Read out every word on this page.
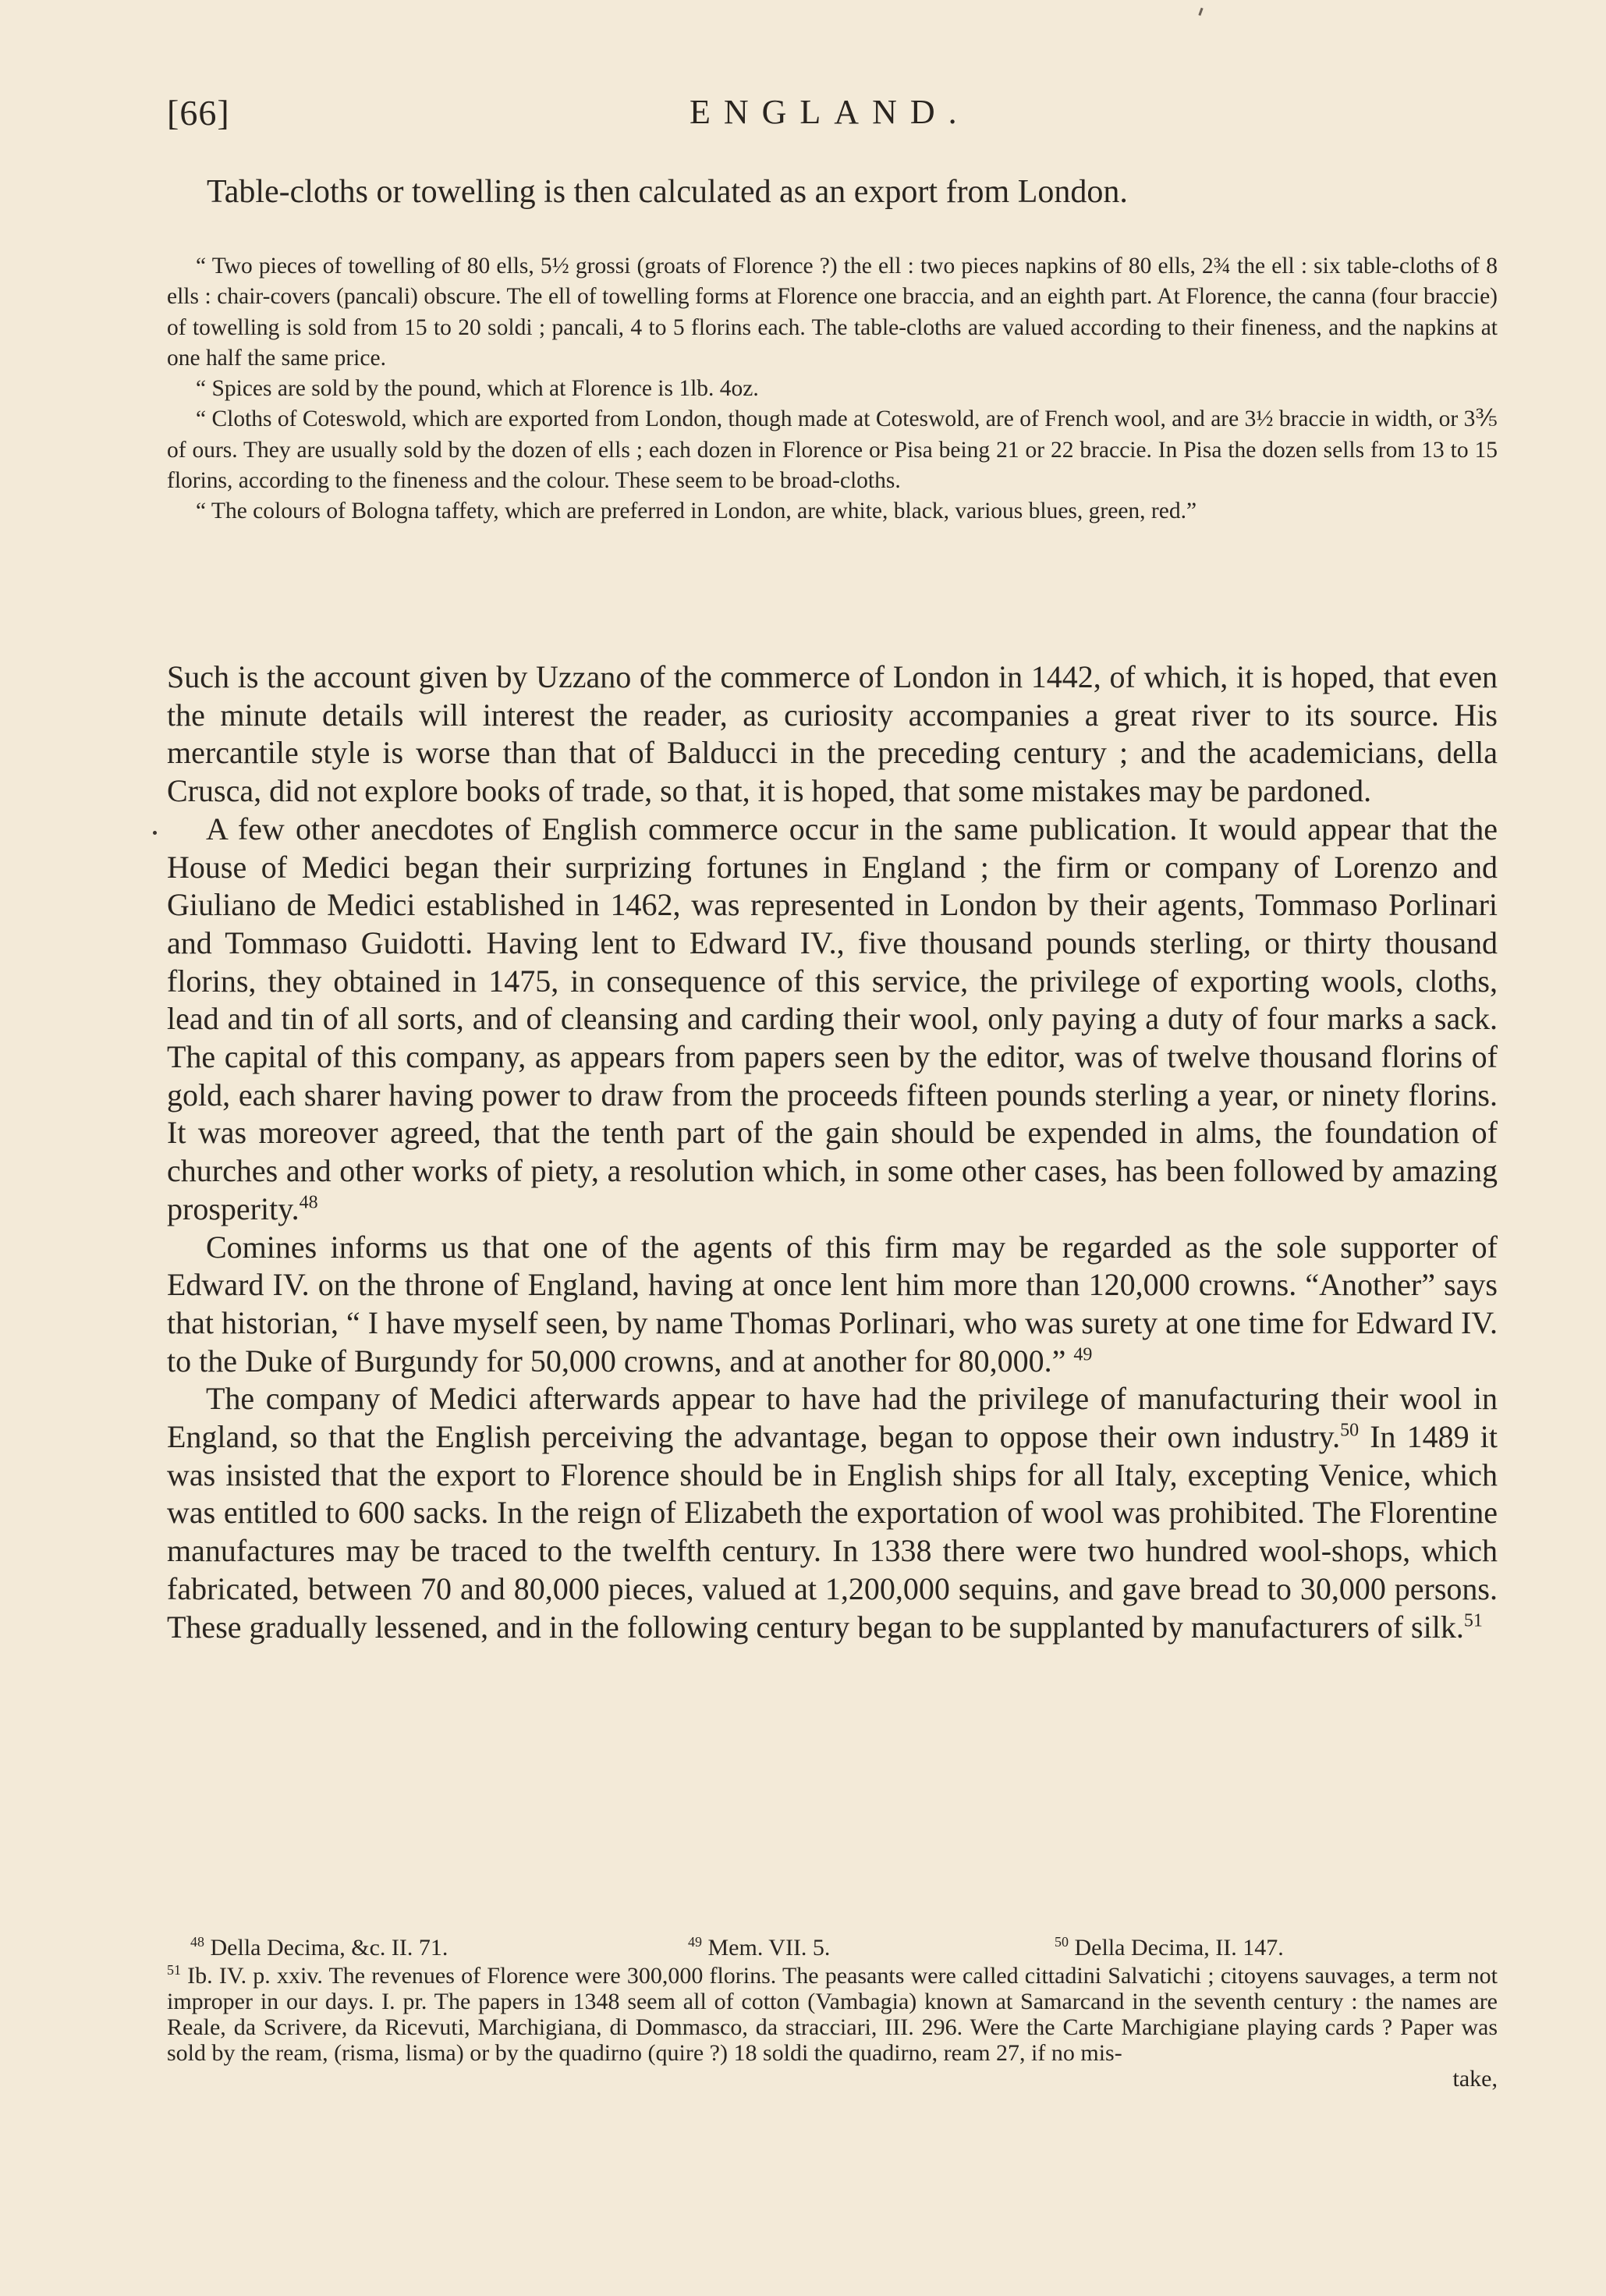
[66]	ENGLAND.
Table-cloths or towelling is then calculated as an export from London.

“ Two pieces of towelling of 80 ells, 5½ grossi (groats of Florence ?) the ell : two pieces napkins of 80 ells, 2¾ the ell : six table-cloths of 8 ells : chair-covers (pancali) obscure. The ell of towelling forms at Florence one braccia, and an eighth part. At Florence, the canna (four braccie) of towelling is sold from 15 to 20 soldi ; pancali, 4 to 5 florins each. The table-cloths are valued according to their fineness, and the napkins at one half the same price.

“ Spices are sold by the pound, which at Florence is 1lb. 4oz.

“ Cloths of Coteswold, which are exported from London, though made at Coteswold, are of French wool, and are 3½ braccie in width, or 3⅗ of ours. They are usually sold by the dozen of ells ; each dozen in Florence or Pisa being 21 or 22 braccie. In Pisa the dozen sells from 13 to 15 florins, according to the fineness and the colour. These seem to be broad-cloths.

“ The colours of Bologna taffety, which are preferred in London, are white, black, various blues, green, red.”

Such is the account given by Uzzano of the commerce of London in 1442, of which, it is hoped, that even the minute details will interest the reader, as curiosity accompanies a great river to its source. His mercantile style is worse than that of Balducci in the preceding century ; and the academicians, della Crusca, did not explore books of trade, so that, it is hoped, that some mistakes may be pardoned.

A few other anecdotes of English commerce occur in the same publication. It would appear that the House of Medici began their surprizing fortunes in England ; the firm or company of Lorenzo and Giuliano de Medici established in 1462, was represented in London by their agents, Tommaso Porlinari and Tommaso Guidotti. Having lent to Edward IV., five thousand pounds sterling, or thirty thousand florins, they obtained in 1475, in consequence of this service, the privilege of exporting wools, cloths, lead and tin of all sorts, and of cleansing and carding their wool, only paying a duty of four marks a sack. The capital of this company, as appears from papers seen by the editor, was of twelve thousand florins of gold, each sharer having power to draw from the proceeds fifteen pounds sterling a year, or ninety florins. It was moreover agreed, that the tenth part of the gain should be expended in alms, the foundation of churches and other works of piety, a resolution which, in some other cases, has been followed by amazing prosperity.$^{48}$

Comines informs us that one of the agents of this firm may be regarded as the sole supporter of Edward IV. on the throne of England, having at once lent him more than 120,000 crowns. “Another” says that historian, “ I have myself seen, by name Thomas Porlinari, who was surety at one time for Edward IV. to the Duke of Burgundy for 50,000 crowns, and at another for 80,000.” $^{49}$

The company of Medici afterwards appear to have had the privilege of manufacturing their wool in England, so that the English perceiving the advantage, began to oppose their own industry.$^{50}$ In 1489 it was insisted that the export to Florence should be in English ships for all Italy, excepting Venice, which was entitled to 600 sacks. In the reign of Elizabeth the exportation of wool was prohibited. The Florentine manufactures may be traced to the twelfth century. In 1338 there were two hundred wool-shops, which fabricated, between 70 and 80,000 pieces, valued at 1,200,000 sequins, and gave bread to 30,000 persons. These gradually lessened, and in the following century began to be supplanted by manufacturers of silk.$^{51}$

$^{48}$ Della Decima, &c. II. 71.	$^{49}$ Mem. VII. 5.	$^{50}$ Della Decima, II. 147.

$^{51}$ Ib. IV. p. xxiv. The revenues of Florence were 300,000 florins. The peasants were called cittadini Salvatichi ; citoyens sauvages, a term not improper in our days. I. pr. The papers in 1348 seem all of cotton (Vambagia) known at Samarcand in the seventh century : the names are Reale, da Scrivere, da Ricevuti, Marchigiana, di Dommasco, da stracciari, III. 296. Were the Carte Marchigiane playing cards ? Paper was sold by the ream, (risma, lisma) or by the quadirno (quire ?) 18 soldi the quadirno, ream 27, if no mis-

take,
